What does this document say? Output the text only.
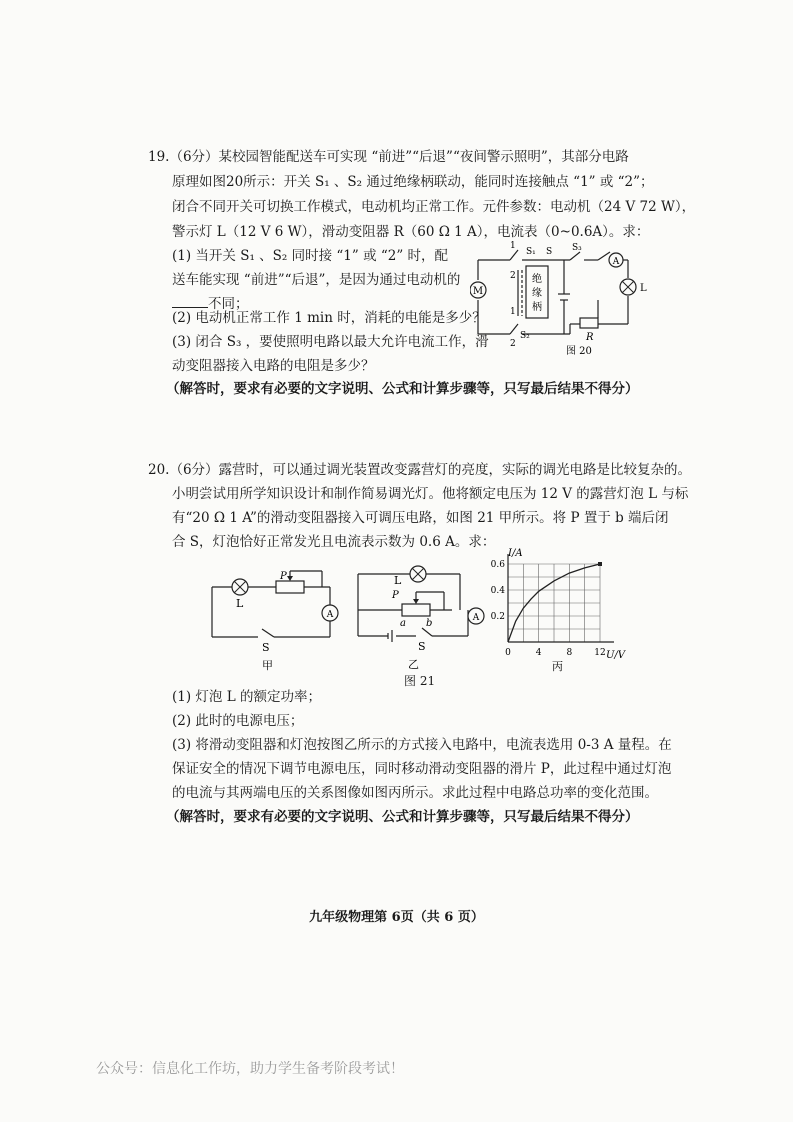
19.（6分）某校园智能配送车可实现 “前进”“后退”“夜间警示照明”，其部分电路
原理如图20所示：开关 S₁ 、S₂ 通过绝缘柄联动，能同时连接触点 “1” 或 “2”；
闭合不同开关可切换工作模式，电动机均正常工作。元件参数：电动机（24 V 72 W），
警示灯 L（12 V 6 W），滑动变阻器 R（60 Ω 1 A），电流表（0~0.6A）。求：
(1) 当开关 S₁ 、S₂ 同时接 “1” 或 “2” 时，配
送车能实现 “前进”“后退”，是因为通过电动机的
不同；
(2) 电动机正常工作 1 min 时，消耗的电能是多少？
(3) 闭合 S₃ ，要使照明电路以最大允许电流工作，滑
动变阻器接入电路的电阻是多少？
（解答时，要求有必要的文字说明、公式和计算步骤等，只写最后结果不得分）
M
A
L
1
2
1
2
S₁ S S₃
S₂
绝
缘
柄
R
图 20
20.（6分）露营时，可以通过调光装置改变露营灯的亮度，实际的调光电路是比较复杂的。
小明尝试用所学知识设计和制作简易调光灯。他将额定电压为 12 V 的露营灯泡 L 与标
有“20 Ω 1 A”的滑动变阻器接入可调压电路，如图 21 甲所示。将 P 置于 b 端后闭
合 S，灯泡恰好正常发光且电流表示数为 0.6 A。求：
A
L
P
S
甲
A
L
P
a b
S
乙
0	4	8 12
0.2
0.4
0.6
I/A
U/V
丙
图 21
(1) 灯泡 L 的额定功率；
(2) 此时的电源电压；
(3) 将滑动变阻器和灯泡按图乙所示的方式接入电路中，电流表选用 0-3 A 量程。在
保证安全的情况下调节电源电压，同时移动滑动变阻器的滑片 P，此过程中通过灯泡
的电流与其两端电压的关系图像如图丙所示。求此过程中电路总功率的变化范围。
（解答时，要求有必要的文字说明、公式和计算步骤等，只写最后结果不得分）
九年级物理第 6页（共 6 页）
公众号：信息化工作坊，助力学生备考阶段考试！
